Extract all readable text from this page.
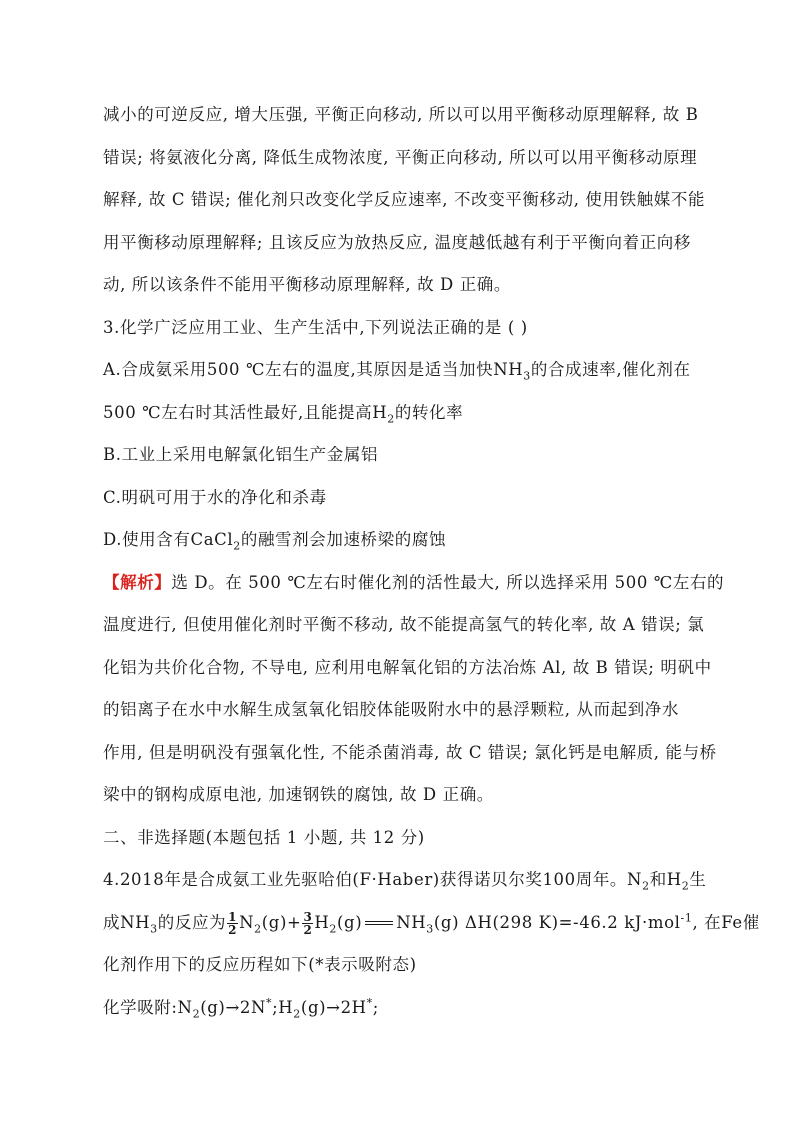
减小的可逆反应, 增大压强, 平衡正向移动, 所以可以用平衡移动原理解释, 故 B
错误; 将氨液化分离, 降低生成物浓度, 平衡正向移动, 所以可以用平衡移动原理
解释, 故 C 错误; 催化剂只改变化学反应速率, 不改变平衡移动, 使用铁触媒不能
用平衡移动原理解释; 且该反应为放热反应, 温度越低越有利于平衡向着正向移
动, 所以该条件不能用平衡移动原理解释, 故 D 正确。
3.化学广泛应用工业、生产生活中,下列说法正确的是 ( )
A.合成氨采用500 ℃左右的温度,其原因是适当加快$NH_3$的合成速率,催化剂在
500 ℃左右时其活性最好,且能提高$H_2$的转化率
B.工业上采用电解氯化铝生产金属铝
C.明矾可用于水的净化和杀毒
D.使用含有CaCl$_2$的融雪剂会加速桥梁的腐蚀
【解析】选 D。在 500 ℃左右时催化剂的活性最大, 所以选择采用 500 ℃左右的
温度进行, 但使用催化剂时平衡不移动, 故不能提高氢气的转化率, 故 A 错误; 氯
化铝为共价化合物, 不导电, 应利用电解氧化铝的方法冶炼 Al, 故 B 错误; 明矾中
的铝离子在水中水解生成氢氧化铝胶体能吸附水中的悬浮颗粒, 从而起到净水
作用, 但是明矾没有强氧化性, 不能杀菌消毒, 故 C 错误; 氯化钙是电解质, 能与桥
梁中的钢构成原电池, 加速钢铁的腐蚀, 故 D 正确。
二、非选择题(本题包括 1 小题, 共 12 分)
4.2018年是合成氨工业先驱哈伯(F·Haber)获得诺贝尔奖100周年。$N_2$和$H_2$生
成$NH_3$的反应为 $\frac{1}{2} N_2(g)+ \frac{3}{2} H_2(g)$ $NH_3(g)$ ΔH(298 K)=-46.2 kJ·mol$^{-1}$, 在Fe催
化剂作用下的反应历程如下(*表示吸附态)
化学吸附$:N_2(g)\to 2N^*;H_2(g)\to 2H^*$;
